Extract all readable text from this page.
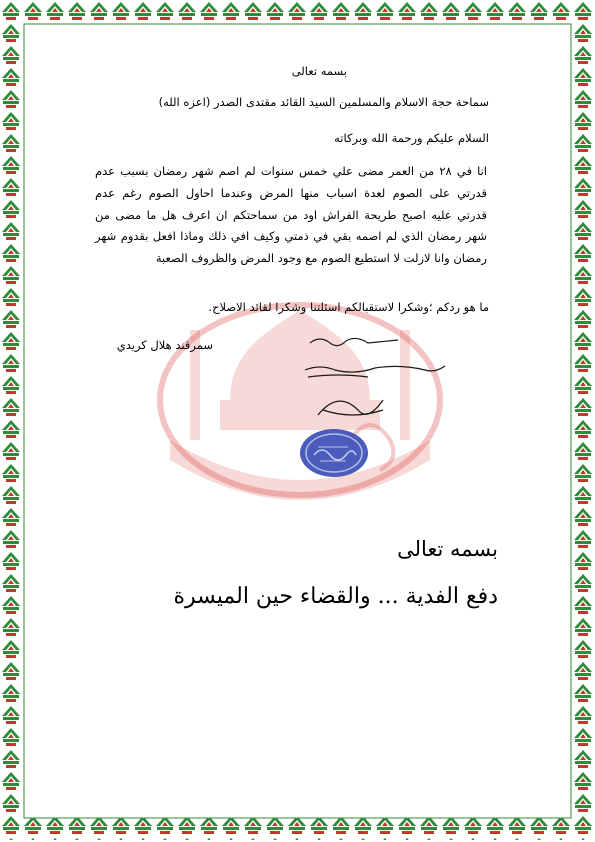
بسمه تعالى
سماحة حجة الاسلام والمسلمين السيد القائد مقتدى الصدر (اعزه الله)
السلام عليكم ورحمة الله وبركاته
انا في ٢٨ من العمر مضى علي خمس سنوات لم اصم شهر رمضان بسبب عدم
قدرتي على الصوم لعدة اسباب منها المرض وعندما احاول الصوم رغم عدم
قدرتي عليه اصبح طريحة الفراش اود من سماحتكم ان اعرف هل ما مضى من
شهر رمضان الذي لم اصمه بقي في ذمتي وكيف افي ذلك وماذا افعل بقدوم شهر
رمضان وانا لازلت لا استطيع الصوم مع وجود المرض والظروف الصعبة
ما هو ردكم ؛وشكرا لاستقبالكم اسئلتنا وشكرا لقائد الاصلاح.
سمرقند هلال كريدي
بسمه تعالى
دفع الفدية ... والقضاء حين الميسرة
